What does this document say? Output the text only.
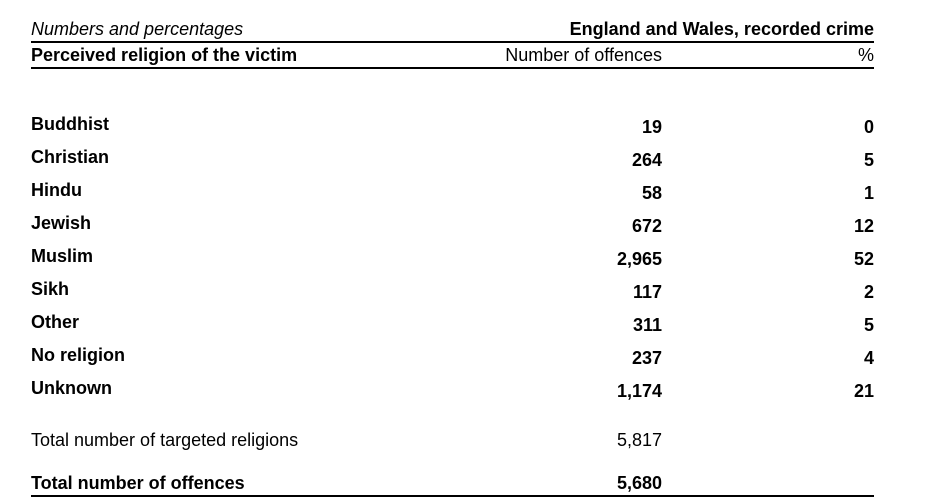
Numbers and percentages	England and Wales, recorded crime
Perceived religion of the victim	Number of offences	%
Buddhist	19	0
Christian	264	5
Hindu	58	1
Jewish	672	12
Muslim	2,965	52
Sikh	117	2
Other	311	5
No religion	237	4
Unknown	1,174	21
Total number of targeted religions	5,817
Total number of offences	5,680
